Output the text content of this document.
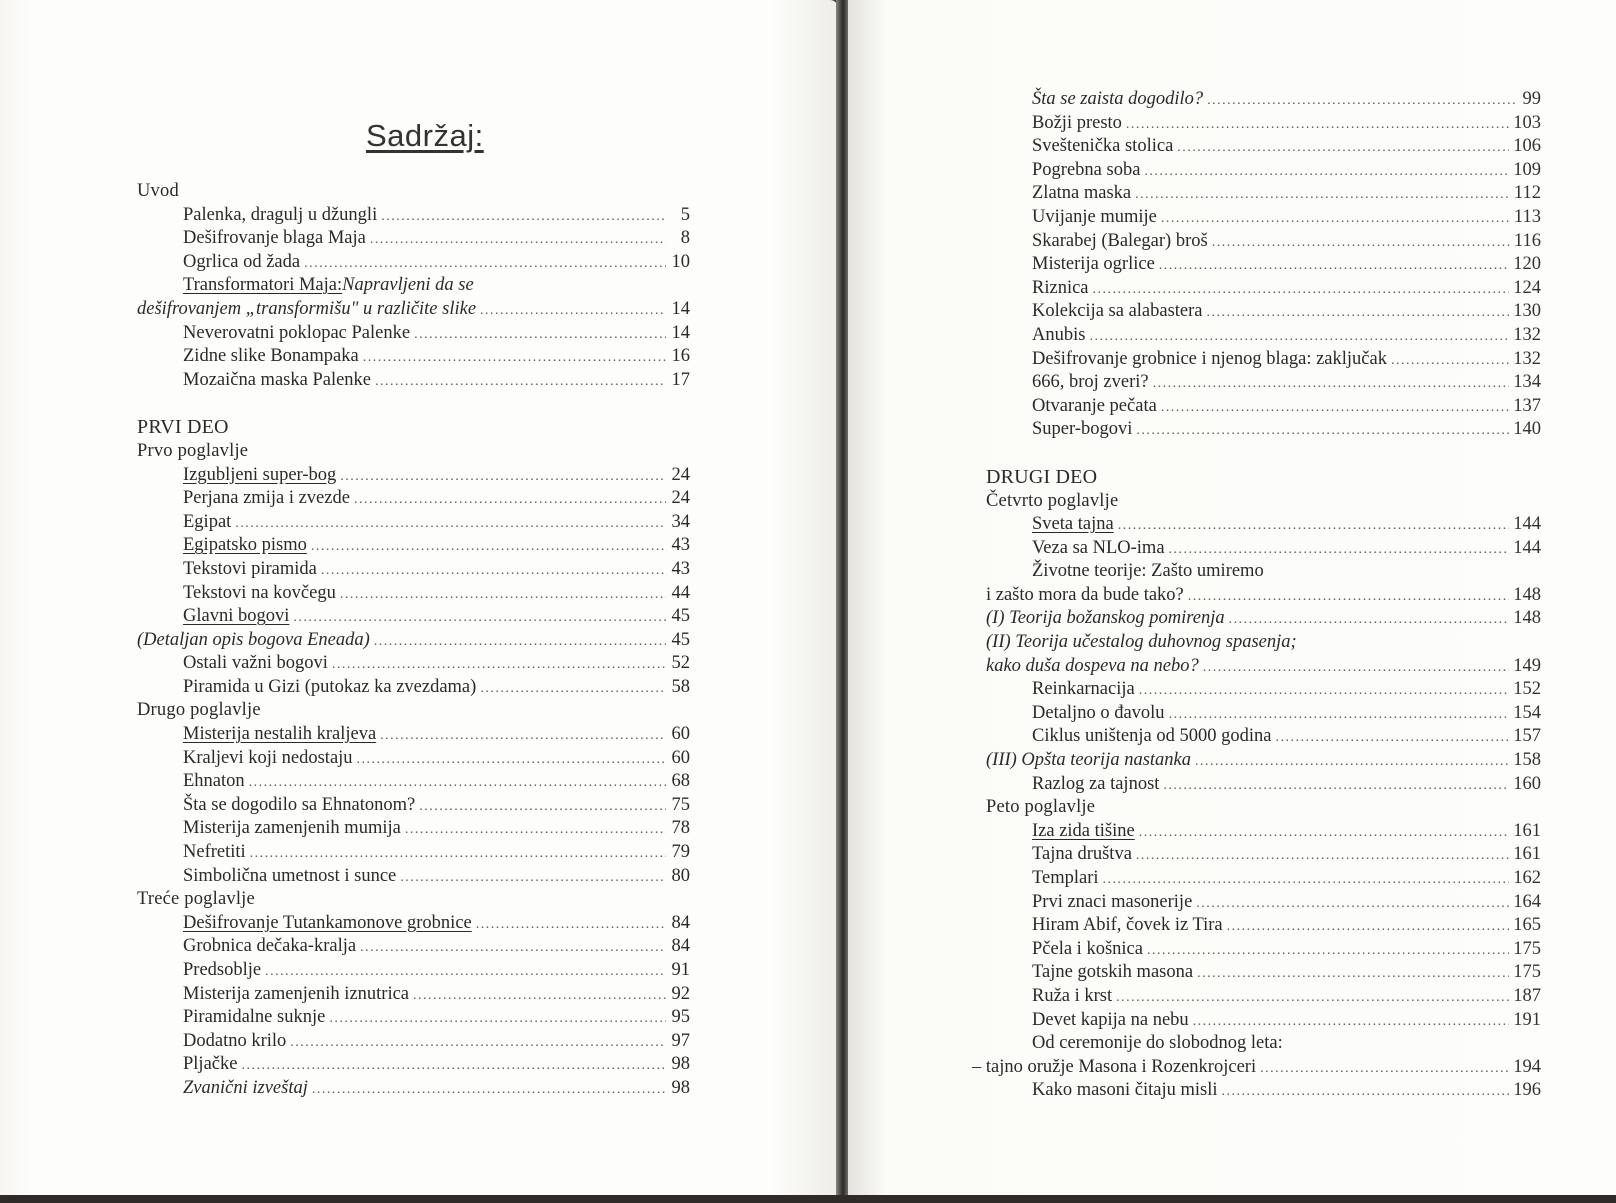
Sadržaj:
Uvod
Palenka, dragulj u džungli .....	5
Dešifrovanje blaga Maja .....	8
Ogrlica od žada .....	10
Transformatori Maja: Napravljeni da se
dešifrovanjem „transformišu" u različite slike .....	14
Neverovatni poklopac Palenke .....	14
Zidne slike Bonampaka .....	16
Mozaična maska Palenke .....	17
PRVI DEO
Prvo poglavlje
Izgubljeni super-bog .....	24
Perjana zmija i zvezde .....	24
Egipat .....	34
Egipatsko pismo .....	43
Tekstovi piramida .....	43
Tekstovi na kovčegu .....	44
Glavni bogovi .....	45
(Detaljan opis bogova Eneada) .....	45
Ostali važni bogovi .....	52
Piramida u Gizi (putokaz ka zvezdama) .....	58
Drugo poglavlje
Misterija nestalih kraljeva .....	60
Kraljevi koji nedostaju .....	60
Ehnaton .....	68
Šta se dogodilo sa Ehnatonom? .....	75
Misterija zamenjenih mumija .....	78
Nefretiti .....	79
Simbolična umetnost i sunce .....	80
Treće poglavlje
Dešifrovanje Tutankamonove grobnice .....	84
Grobnica dečaka-kralja .....	84
Predsoblje .....	91
Misterija zamenjenih iznutrica .....	92
Piramidalne suknje .....	95
Dodatno krilo .....	97
Pljačke .....	98
Zvanični izveštaj .....	98
Šta se zaista dogodilo? .....	99
Božji presto .....	103
Sveštenička stolica .....	106
Pogrebna soba .....	109
Zlatna maska .....	112
Uvijanje mumije .....	113
Skarabej (Balegar) broš .....	116
Misterija ogrlice .....	120
Riznica .....	124
Kolekcija sa alabastera .....	130
Anubis .....	132
Dešifrovanje grobnice i njenog blaga: zaključak .....	132
666, broj zveri? .....	134
Otvaranje pečata .....	137
Super-bogovi .....	140
DRUGI DEO
Četvrto poglavlje
Sveta tajna .....	144
Veza sa NLO-ima .....	144
Životne teorije: Zašto umiremo
i zašto mora da bude tako? .....	148
(I) Teorija božanskog pomirenja .....	148
(II) Teorija učestalog duhovnog spasenja;
kako duša dospeva na nebo? .....	149
Reinkarnacija .....	152
Detaljno o đavolu .....	154
Ciklus uništenja od 5000 godina .....	157
(III) Opšta teorija nastanka .....	158
Razlog za tajnost .....	160
Peto poglavlje
Iza zida tišine .....	161
Tajna društva .....	161
Templari .....	162
Prvi znaci masonerije .....	164
Hiram Abif, čovek iz Tira .....	165
Pčela i košnica .....	175
Tajne gotskih masona .....	175
Ruža i krst .....	187
Devet kapija na nebu .....	191
Od ceremonije do slobodnog leta:
– tajno oružje Masona i Rozenkrojceri .....	194
Kako masoni čitaju misli .....	196
